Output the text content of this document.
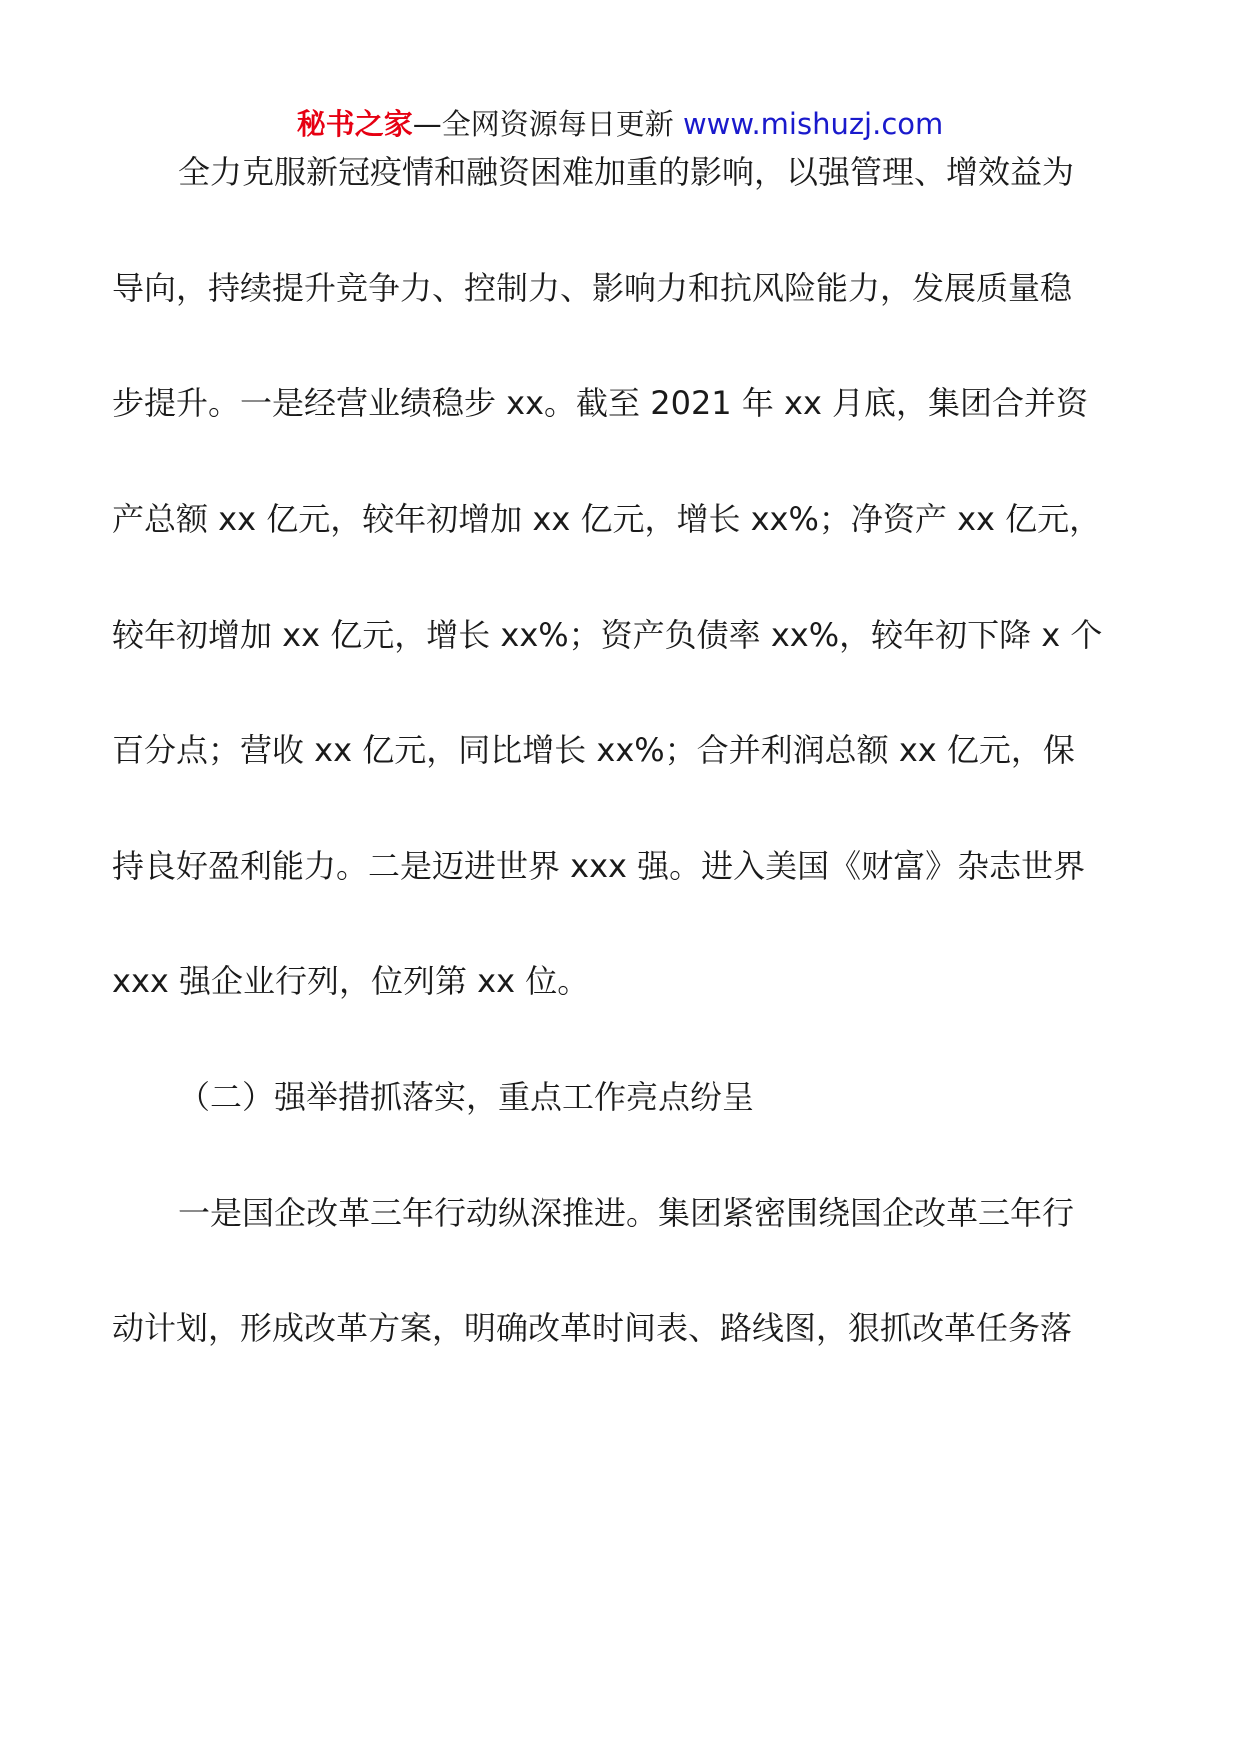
秘书之家—全网资源每日更新 www.mishuzj.com
全力克服新冠疫情和融资困难加重的影响，以强管理、增效益为
导向，持续提升竞争力、控制力、影响力和抗风险能力，发展质量稳
步提升。一是经营业绩稳步 xx。截至 2021 年 xx 月底，集团合并资
产总额 xx 亿元，较年初增加 xx 亿元，增长 xx%；净资产 xx 亿元，
较年初增加 xx 亿元，增长 xx%；资产负债率 xx%，较年初下降 x 个
百分点；营收 xx 亿元，同比增长 xx%；合并利润总额 xx 亿元，保
持良好盈利能力。二是迈进世界 xxx 强。进入美国《财富》杂志世界
xxx 强企业行列，位列第 xx 位。
（二）强举措抓落实，重点工作亮点纷呈
一是国企改革三年行动纵深推进。集团紧密围绕国企改革三年行
动计划，形成改革方案，明确改革时间表、路线图，狠抓改革任务落
